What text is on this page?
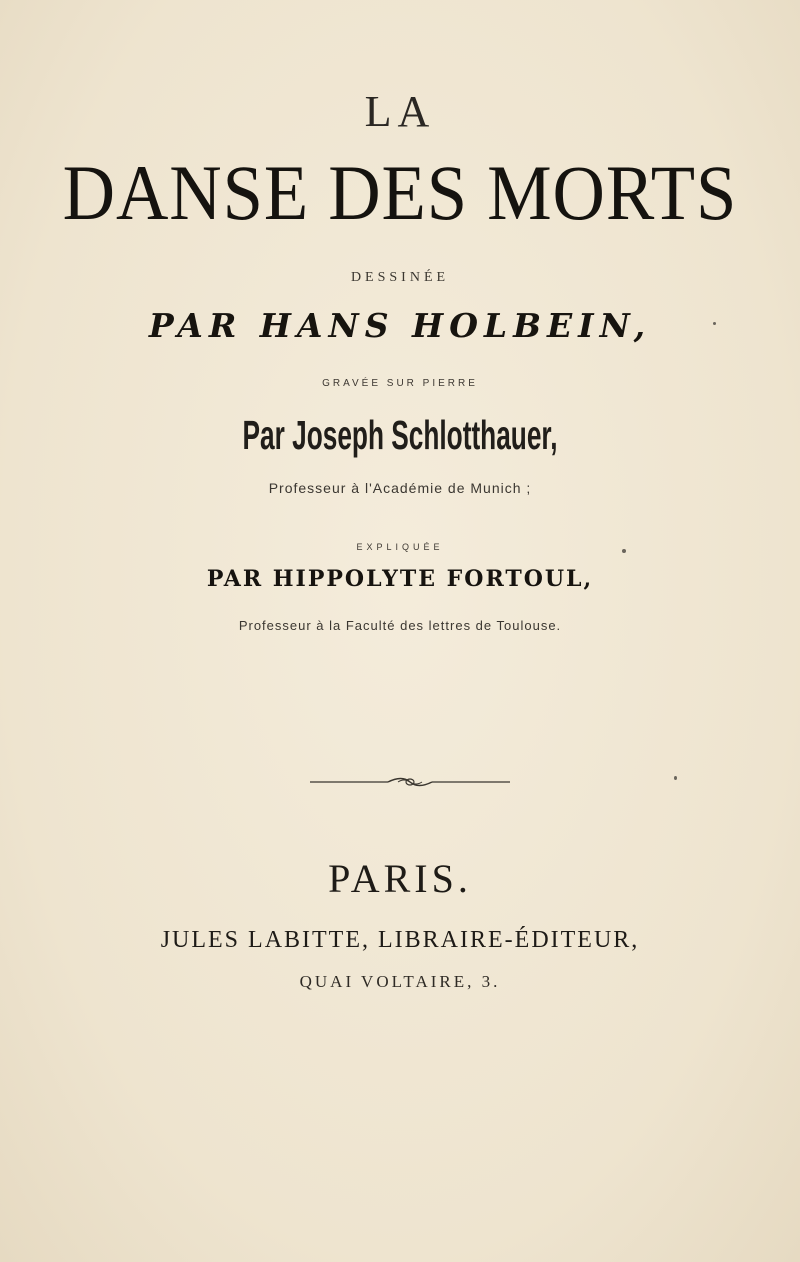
LA
DANSE DES MORTS
DESSINÉE
PAR HANS HOLBEIN,
GRAVÉE SUR PIERRE
Par Joseph Schlotthauer,
Professeur à l'Académie de Munich ;
EXPLIQUÉE
PAR HIPPOLYTE FORTOUL,
Professeur à la Faculté des lettres de Toulouse.
PARIS.
JULES LABITTE, LIBRAIRE-ÉDITEUR,
QUAI VOLTAIRE, 3.
